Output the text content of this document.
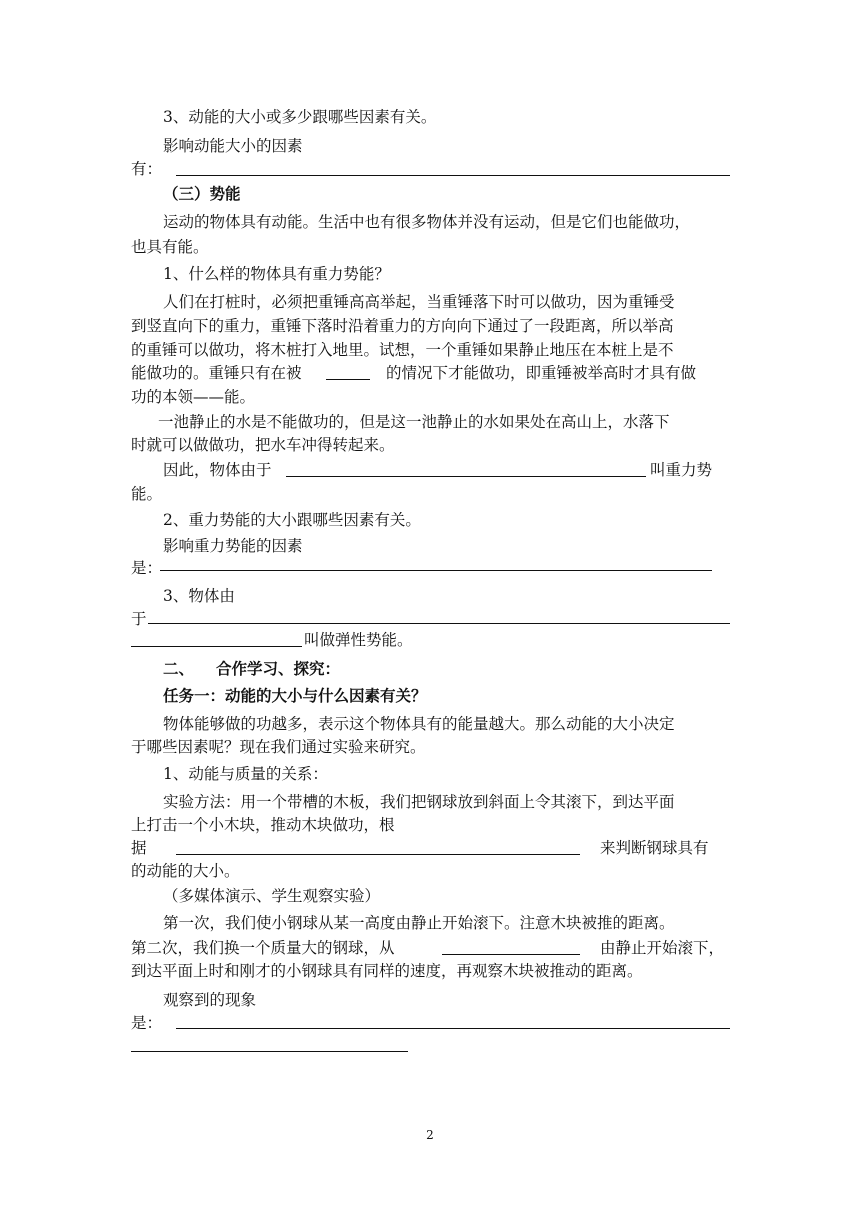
3、动能的大小或多少跟哪些因素有关。
影响动能大小的因素
有：
（三）势能
运动的物体具有动能。生活中也有很多物体并没有运动，但是它们也能做功，
也具有能。
1、什么样的物体具有重力势能？
人们在打桩时，必须把重锤高高举起，当重锤落下时可以做功，因为重锤受
到竖直向下的重力，重锤下落时沿着重力的方向向下通过了一段距离，所以举高
的重锤可以做功，将木桩打入地里。试想，一个重锤如果静止地压在本桩上是不
能做功的。重锤只有在被	的情况下才能做功，即重锤被举高时才具有做
功的本领——能。
一池静止的水是不能做功的，但是这一池静止的水如果处在高山上，水落下
时就可以做做功，把水车冲得转起来。
因此，物体由于	叫重力势
能。
2、重力势能的大小跟哪些因素有关。
影响重力势能的因素
是：
3、物体由
于
叫做弹性势能。
二、 合作学习、探究：
任务一：动能的大小与什么因素有关？
物体能够做的功越多，表示这个物体具有的能量越大。那么动能的大小决定
于哪些因素呢？现在我们通过实验来研究。
1、动能与质量的关系：
实验方法：用一个带槽的木板，我们把钢球放到斜面上令其滚下，到达平面
上打击一个小木块，推动木块做功，根
据	来判断钢球具有
的动能的大小。
（多媒体演示、学生观察实验）
第一次，我们使小钢球从某一高度由静止开始滚下。注意木块被推的距离。
第二次，我们换一个质量大的钢球，从	由静止开始滚下，
到达平面上时和刚才的小钢球具有同样的速度，再观察木块被推动的距离。
观察到的现象
是：
2
